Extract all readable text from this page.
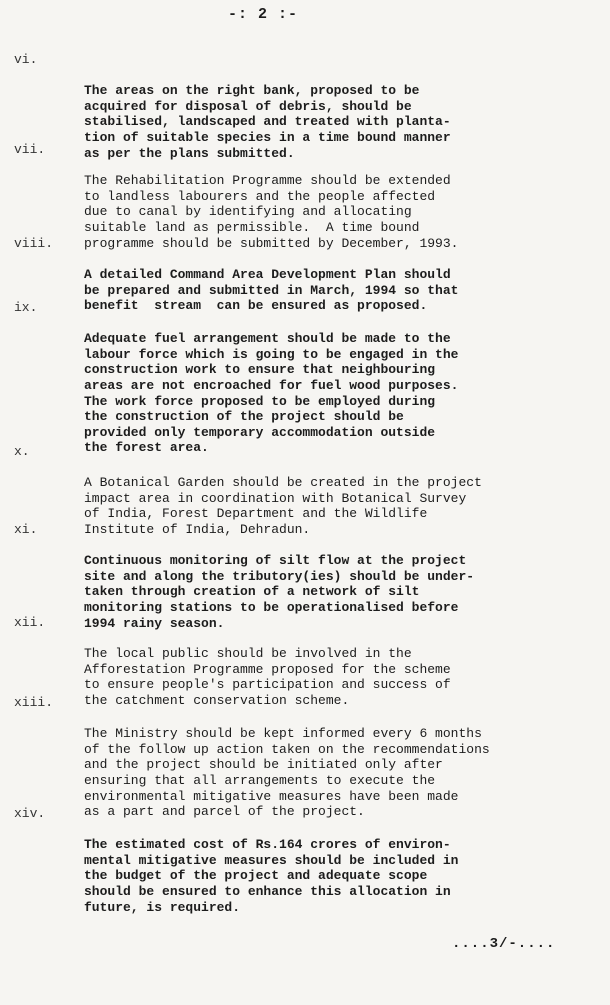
-: 2 :-
vi.

The areas on the right bank, proposed to be
acquired for disposal of debris, should be
stabilised, landscaped and treated with planta-
tion of suitable species in a time bound manner
as per the plans submitted.

vii.

The Rehabilitation Programme should be extended
to landless labourers and the people affected
due to canal by identifying and allocating
suitable land as permissible.  A time bound
programme should be submitted by December, 1993.

viii.

A detailed Command Area Development Plan should
be prepared and submitted in March, 1994 so that
benefit  stream  can be ensured as proposed.

ix.

Adequate fuel arrangement should be made to the
labour force which is going to be engaged in the
construction work to ensure that neighbouring
areas are not encroached for fuel wood purposes.
The work force proposed to be employed during
the construction of the project should be
provided only temporary accommodation outside
the forest area.

x.

A Botanical Garden should be created in the project
impact area in coordination with Botanical Survey
of India, Forest Department and the Wildlife
Institute of India, Dehradun.

xi.

Continuous monitoring of silt flow at the project
site and along the tributory(ies) should be under-
taken through creation of a network of silt
monitoring stations to be operationalised before
1994 rainy season.

xii.

The local public should be involved in the
Afforestation Programme proposed for the scheme
to ensure people's participation and success of
the catchment conservation scheme.

xiii.

The Ministry should be kept informed every 6 months
of the follow up action taken on the recommendations
and the project should be initiated only after
ensuring that all arrangements to execute the
environmental mitigative measures have been made
as a part and parcel of the project.

xiv.

The estimated cost of Rs.164 crores of environ-
mental mitigative measures should be included in
the budget of the project and adequate scope
should be ensured to enhance this allocation in
future, is required.

....3/-....
